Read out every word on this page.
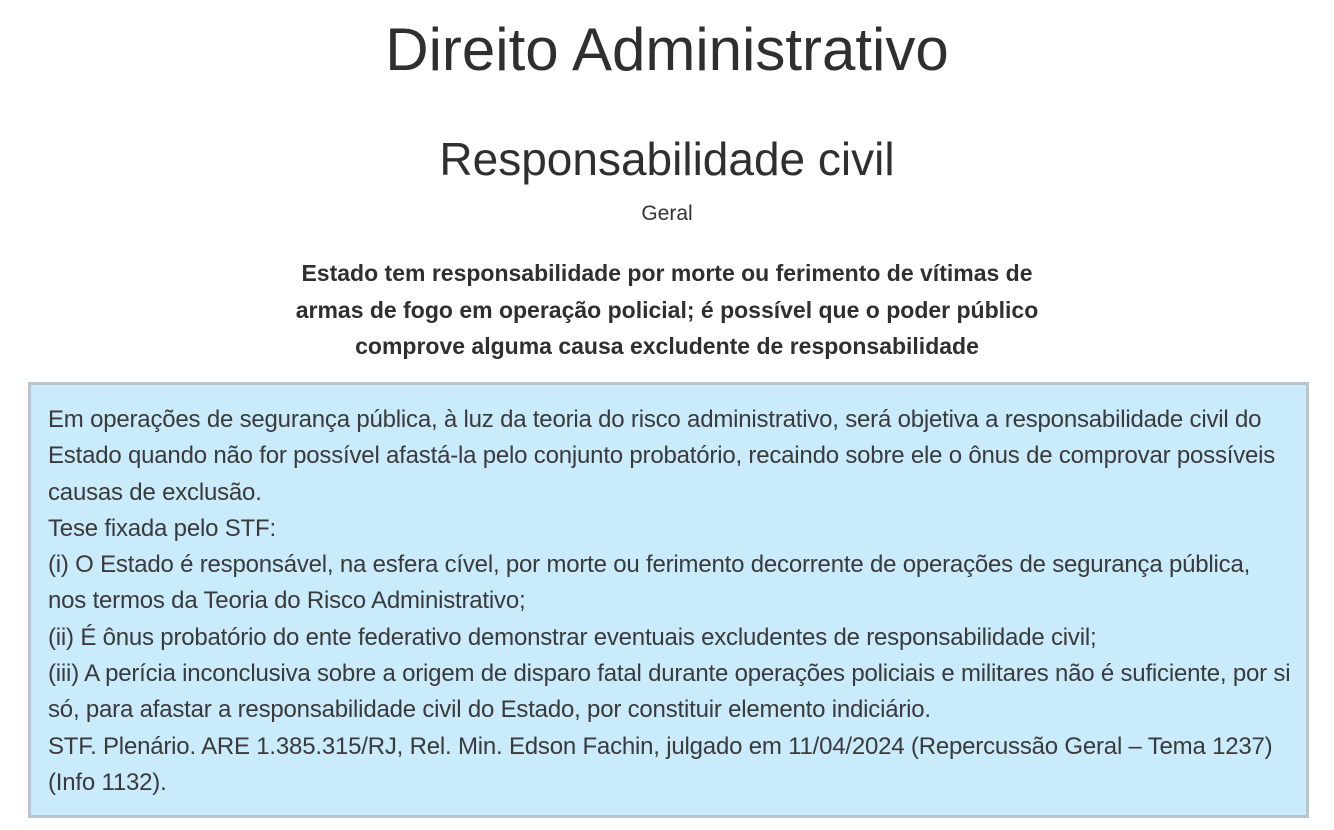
Direito Administrativo
Responsabilidade civil
Geral
Estado tem responsabilidade por morte ou ferimento de vítimas de
armas de fogo em operação policial; é possível que o poder público
comprove alguma causa excludente de responsabilidade

Em operações de segurança pública, à luz da teoria do risco administrativo, será objetiva a responsabilidade civil do Estado quando não for possível afastá-la pelo conjunto probatório, recaindo sobre ele o ônus de comprovar possíveis causas de exclusão.

Tese fixada pelo STF:

(i) O Estado é responsável, na esfera cível, por morte ou ferimento decorrente de operações de segurança pública, nos termos da Teoria do Risco Administrativo;

(ii) É ônus probatório do ente federativo demonstrar eventuais excludentes de responsabilidade civil;

(iii) A perícia inconclusiva sobre a origem de disparo fatal durante operações policiais e militares não é suficiente, por si só, para afastar a responsabilidade civil do Estado, por constituir elemento indiciário.

STF. Plenário. ARE 1.385.315/RJ, Rel. Min. Edson Fachin, julgado em 11/04/2024 (Repercussão Geral – Tema 1237) (Info 1132).
